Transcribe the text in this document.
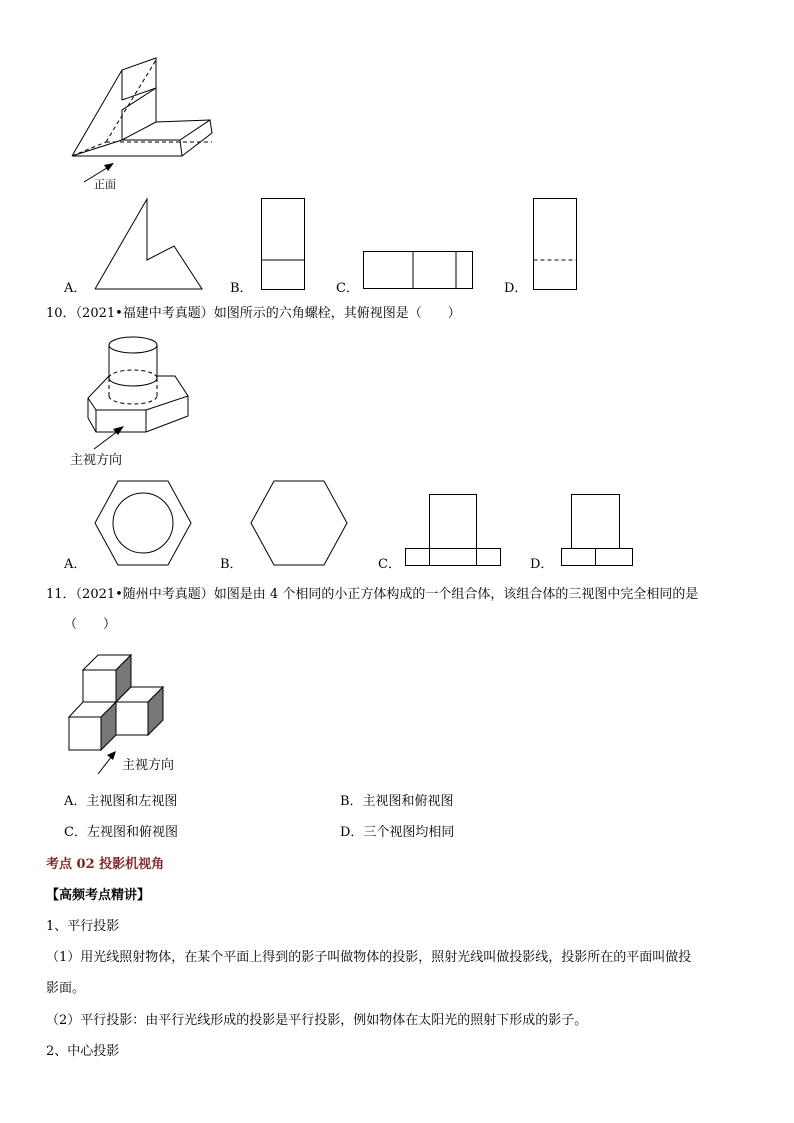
正面
A．	B．	C．	D．
10．（2021•福建中考真题）如图所示的六角螺栓，其俯视图是（　　）
主视方向
A．	B．	C．	D．
11．（2021•随州中考真题）如图是由 4 个相同的小正方体构成的一个组合体，该组合体的三视图中完全相同的是
（　　）
主视方向
A．主视图和左视图	B．主视图和俯视图
C．左视图和俯视图	D．三个视图均相同
考点 02 投影机视角
【高频考点精讲】
1、平行投影
（1）用光线照射物体，在某个平面上得到的影子叫做物体的投影，照射光线叫做投影线，投影所在的平面叫做投
影面。
（2）平行投影：由平行光线形成的投影是平行投影，例如物体在太阳光的照射下形成的影子。
2、中心投影
